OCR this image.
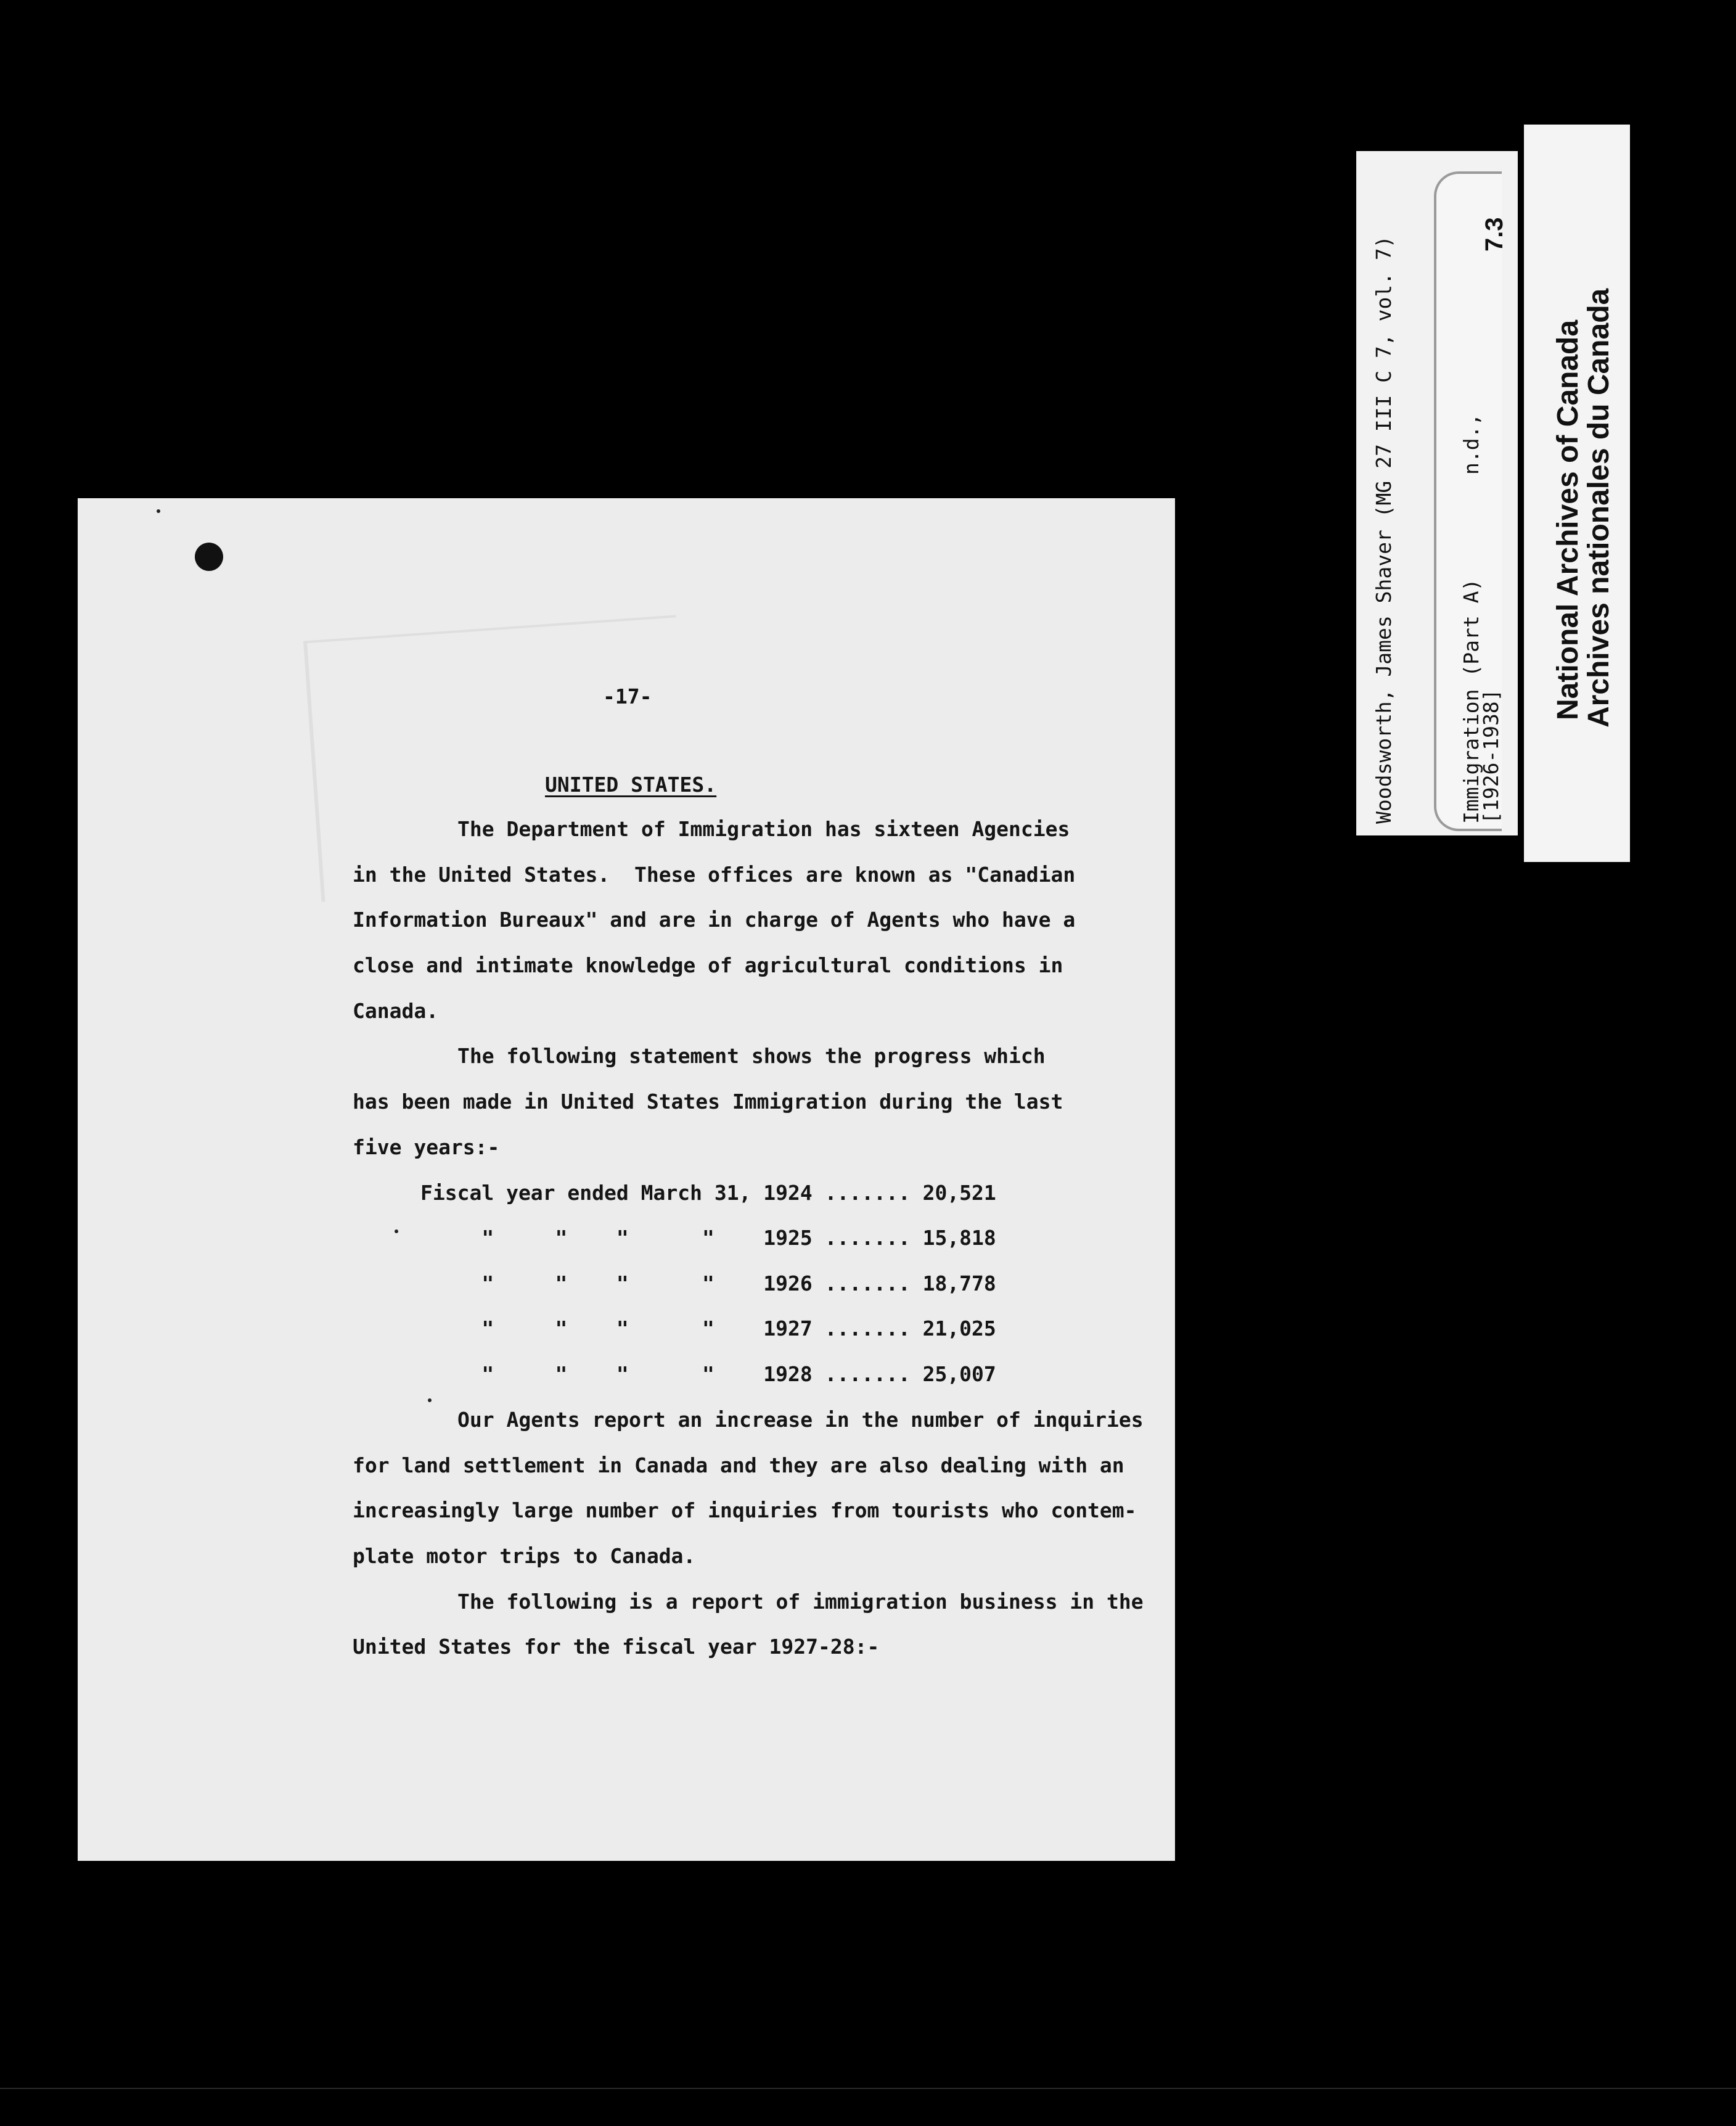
-17-
UNITED STATES.
The Department of Immigration has sixteen Agencies
in the United States.  These offices are known as "Canadian
Information Bureaux" and are in charge of Agents who have a
close and intimate knowledge of agricultural conditions in
Canada.
The following statement shows the progress which
has been made in United States Immigration during the last
five years:-
Fiscal year ended March 31, 1924 ....... 20,521
"     "    "      "    1925 ....... 15,818
"     "    "      "    1926 ....... 18,778
"     "    "      "    1927 ....... 21,025
"     "    "      "    1928 ....... 25,007
Our Agents report an increase in the number of inquiries
for land settlement in Canada and they are also dealing with an
increasingly large number of inquiries from tourists who contem-
plate motor trips to Canada.
The following is a report of immigration business in the
United States for the fiscal year 1927-28:-
Woodsworth, James Shaver (MG 27 III C 7, vol. 7)	Immigration (Part A)
n.d.,
[1926-1938]
7.3
National Archives of Canada
Archives nationales du Canada
